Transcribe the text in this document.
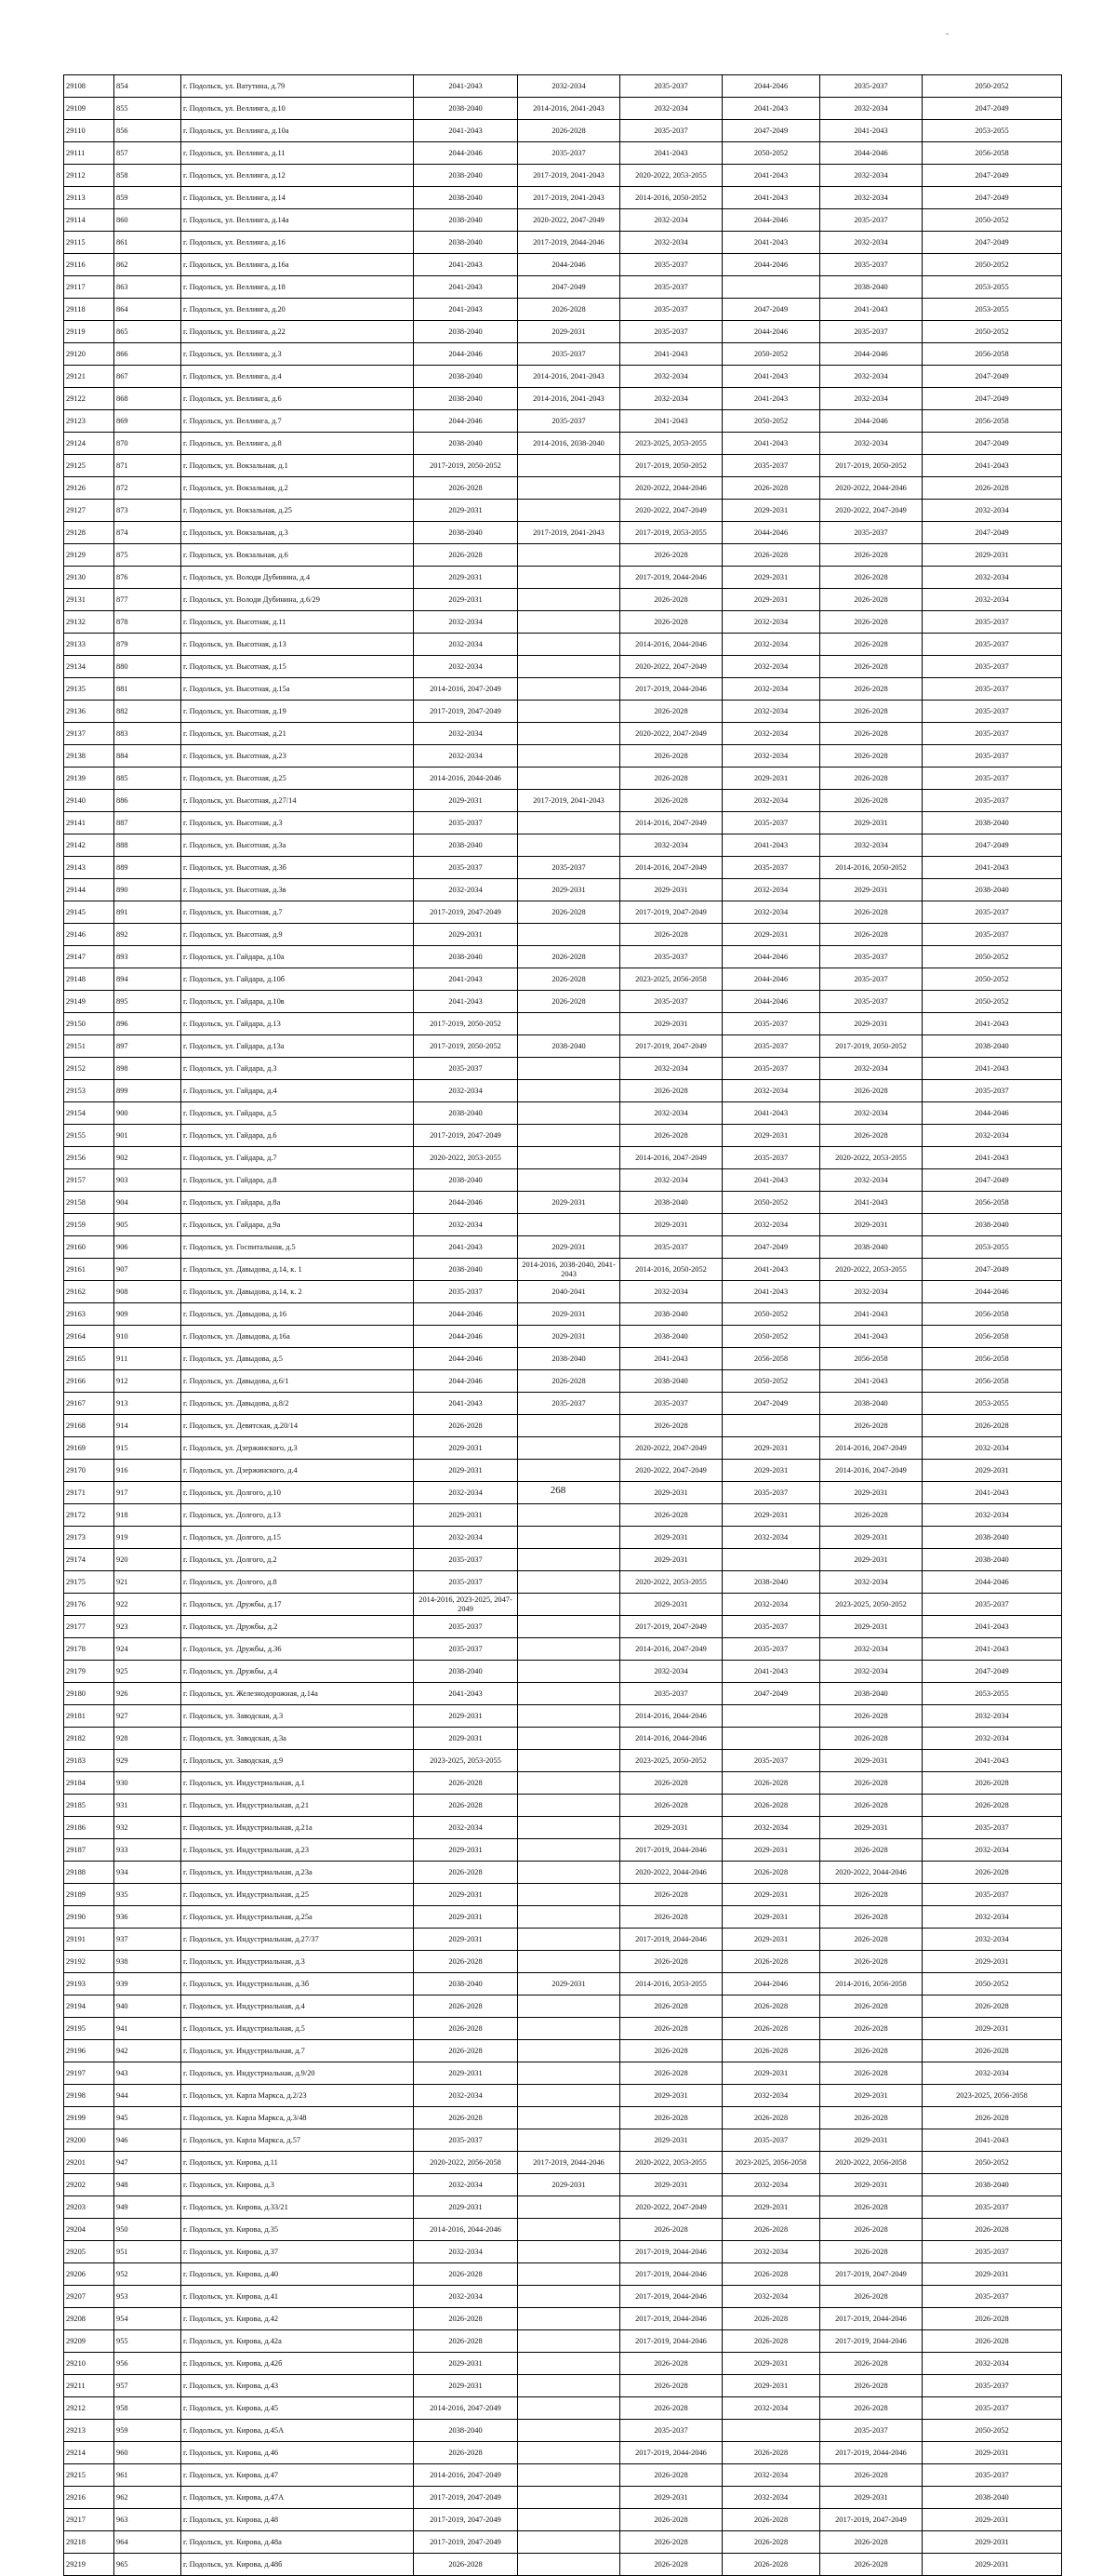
29108	854	г. Подольск, ул. Ватутина, д.79	2041-2043	2032-2034	2035-2037	2044-2046	2035-2037	2050-2052
29109	855	г. Подольск, ул. Веллинга, д.10	2038-2040	2014-2016, 2041-2043	2032-2034	2041-2043	2032-2034	2047-2049
29110	856	г. Подольск, ул. Веллинга, д.10а	2041-2043	2026-2028	2035-2037	2047-2049	2041-2043	2053-2055
29111	857	г. Подольск, ул. Веллинга, д.11	2044-2046	2035-2037	2041-2043	2050-2052	2044-2046	2056-2058
29112	858	г. Подольск, ул. Веллинга, д.12	2038-2040	2017-2019, 2041-2043	2020-2022, 2053-2055	2041-2043	2032-2034	2047-2049
29113	859	г. Подольск, ул. Веллинга, д.14	2038-2040	2017-2019, 2041-2043	2014-2016, 2050-2052	2041-2043	2032-2034	2047-2049
29114	860	г. Подольск, ул. Веллинга, д.14а	2038-2040	2020-2022, 2047-2049	2032-2034	2044-2046	2035-2037	2050-2052
29115	861	г. Подольск, ул. Веллинга, д.16	2038-2040	2017-2019, 2044-2046	2032-2034	2041-2043	2032-2034	2047-2049
29116	862	г. Подольск, ул. Веллинга, д.16а	2041-2043	2044-2046	2035-2037	2044-2046	2035-2037	2050-2052
29117	863	г. Подольск, ул. Веллинга, д.18	2041-2043	2047-2049	2035-2037		2038-2040	2053-2055
29118	864	г. Подольск, ул. Веллинга, д.20	2041-2043	2026-2028	2035-2037	2047-2049	2041-2043	2053-2055
29119	865	г. Подольск, ул. Веллинга, д.22	2038-2040	2029-2031	2035-2037	2044-2046	2035-2037	2050-2052
29120	866	г. Подольск, ул. Веллинга, д.3	2044-2046	2035-2037	2041-2043	2050-2052	2044-2046	2056-2058
29121	867	г. Подольск, ул. Веллинга, д.4	2038-2040	2014-2016, 2041-2043	2032-2034	2041-2043	2032-2034	2047-2049
29122	868	г. Подольск, ул. Веллинга, д.6	2038-2040	2014-2016, 2041-2043	2032-2034	2041-2043	2032-2034	2047-2049
29123	869	г. Подольск, ул. Веллинга, д.7	2044-2046	2035-2037	2041-2043	2050-2052	2044-2046	2056-2058
29124	870	г. Подольск, ул. Веллинга, д.8	2038-2040	2014-2016, 2038-2040	2023-2025, 2053-2055	2041-2043	2032-2034	2047-2049
29125	871	г. Подольск, ул. Вокзальная, д.1	2017-2019, 2050-2052		2017-2019, 2050-2052	2035-2037	2017-2019, 2050-2052	2041-2043
29126	872	г. Подольск, ул. Вокзальная, д.2	2026-2028		2020-2022, 2044-2046	2026-2028	2020-2022, 2044-2046	2026-2028
29127	873	г. Подольск, ул. Вокзальная, д.25	2029-2031		2020-2022, 2047-2049	2029-2031	2020-2022, 2047-2049	2032-2034
29128	874	г. Подольск, ул. Вокзальная, д.3	2038-2040	2017-2019, 2041-2043	2017-2019, 2053-2055	2044-2046	2035-2037	2047-2049
29129	875	г. Подольск, ул. Вокзальная, д.6	2026-2028		2026-2028	2026-2028	2026-2028	2029-2031
29130	876	г. Подольск, ул. Володи Дубинина, д.4	2029-2031		2017-2019, 2044-2046	2029-2031	2026-2028	2032-2034
29131	877	г. Подольск, ул. Володи Дубинина, д.6/29	2029-2031		2026-2028	2029-2031	2026-2028	2032-2034
29132	878	г. Подольск, ул. Высотная, д.11	2032-2034		2026-2028	2032-2034	2026-2028	2035-2037
29133	879	г. Подольск, ул. Высотная, д.13	2032-2034		2014-2016, 2044-2046	2032-2034	2026-2028	2035-2037
29134	880	г. Подольск, ул. Высотная, д.15	2032-2034		2020-2022, 2047-2049	2032-2034	2026-2028	2035-2037
29135	881	г. Подольск, ул. Высотная, д.15а	2014-2016, 2047-2049		2017-2019, 2044-2046	2032-2034	2026-2028	2035-2037
29136	882	г. Подольск, ул. Высотная, д.19	2017-2019, 2047-2049		2026-2028	2032-2034	2026-2028	2035-2037
29137	883	г. Подольск, ул. Высотная, д.21	2032-2034		2020-2022, 2047-2049	2032-2034	2026-2028	2035-2037
29138	884	г. Подольск, ул. Высотная, д.23	2032-2034		2026-2028	2032-2034	2026-2028	2035-2037
29139	885	г. Подольск, ул. Высотная, д.25	2014-2016, 2044-2046		2026-2028	2029-2031	2026-2028	2035-2037
29140	886	г. Подольск, ул. Высотная, д.27/14	2029-2031	2017-2019, 2041-2043	2026-2028	2032-2034	2026-2028	2035-2037
29141	887	г. Подольск, ул. Высотная, д.3	2035-2037		2014-2016, 2047-2049	2035-2037	2029-2031	2038-2040
29142	888	г. Подольск, ул. Высотная, д.3а	2038-2040		2032-2034	2041-2043	2032-2034	2047-2049
29143	889	г. Подольск, ул. Высотная, д.3б	2035-2037	2035-2037	2014-2016, 2047-2049	2035-2037	2014-2016, 2050-2052	2041-2043
29144	890	г. Подольск, ул. Высотная, д.3в	2032-2034	2029-2031	2029-2031	2032-2034	2029-2031	2038-2040
29145	891	г. Подольск, ул. Высотная, д.7	2017-2019, 2047-2049	2026-2028	2017-2019, 2047-2049	2032-2034	2026-2028	2035-2037
29146	892	г. Подольск, ул. Высотная, д.9	2029-2031		2026-2028	2029-2031	2026-2028	2035-2037
29147	893	г. Подольск, ул. Гайдара, д.10а	2038-2040	2026-2028	2035-2037	2044-2046	2035-2037	2050-2052
29148	894	г. Подольск, ул. Гайдара, д.10б	2041-2043	2026-2028	2023-2025, 2056-2058	2044-2046	2035-2037	2050-2052
29149	895	г. Подольск, ул. Гайдара, д.10в	2041-2043	2026-2028	2035-2037	2044-2046	2035-2037	2050-2052
29150	896	г. Подольск, ул. Гайдара, д.13	2017-2019, 2050-2052		2029-2031	2035-2037	2029-2031	2041-2043
29151	897	г. Подольск, ул. Гайдара, д.13а	2017-2019, 2050-2052	2038-2040	2017-2019, 2047-2049	2035-2037	2017-2019, 2050-2052	2038-2040
29152	898	г. Подольск, ул. Гайдара, д.3	2035-2037		2032-2034	2035-2037	2032-2034	2041-2043
29153	899	г. Подольск, ул. Гайдара, д.4	2032-2034		2026-2028	2032-2034	2026-2028	2035-2037
29154	900	г. Подольск, ул. Гайдара, д.5	2038-2040		2032-2034	2041-2043	2032-2034	2044-2046
29155	901	г. Подольск, ул. Гайдара, д.6	2017-2019, 2047-2049		2026-2028	2029-2031	2026-2028	2032-2034
29156	902	г. Подольск, ул. Гайдара, д.7	2020-2022, 2053-2055		2014-2016, 2047-2049	2035-2037	2020-2022, 2053-2055	2041-2043
29157	903	г. Подольск, ул. Гайдара, д.8	2038-2040		2032-2034	2041-2043	2032-2034	2047-2049
29158	904	г. Подольск, ул. Гайдара, д.8а	2044-2046	2029-2031	2038-2040	2050-2052	2041-2043	2056-2058
29159	905	г. Подольск, ул. Гайдара, д.9а	2032-2034		2029-2031	2032-2034	2029-2031	2038-2040
29160	906	г. Подольск, ул. Госпитальная, д.5	2041-2043	2029-2031	2035-2037	2047-2049	2038-2040	2053-2055
29161	907	г. Подольск, ул. Давыдова, д.14, к. 1	2038-2040	2014-2016, 2038-2040, 2041-2043	2014-2016, 2050-2052	2041-2043	2020-2022, 2053-2055	2047-2049
29162	908	г. Подольск, ул. Давыдова, д.14, к. 2	2035-2037	2040-2041	2032-2034	2041-2043	2032-2034	2044-2046
29163	909	г. Подольск, ул. Давыдова, д.16	2044-2046	2029-2031	2038-2040	2050-2052	2041-2043	2056-2058
29164	910	г. Подольск, ул. Давыдова, д.16а	2044-2046	2029-2031	2038-2040	2050-2052	2041-2043	2056-2058
29165	911	г. Подольск, ул. Давыдова, д.5	2044-2046	2038-2040	2041-2043	2056-2058	2056-2058	2056-2058
29166	912	г. Подольск, ул. Давыдова, д.6/1	2044-2046	2026-2028	2038-2040	2050-2052	2041-2043	2056-2058
29167	913	г. Подольск, ул. Давыдова, д.8/2	2041-2043	2035-2037	2035-2037	2047-2049	2038-2040	2053-2055
29168	914	г. Подольск, ул. Девятская, д.20/14	2026-2028		2026-2028		2026-2028	2026-2028
29169	915	г. Подольск, ул. Дзержинского, д.3	2029-2031		2020-2022, 2047-2049	2029-2031	2014-2016, 2047-2049	2032-2034
29170	916	г. Подольск, ул. Дзержинского, д.4	2029-2031		2020-2022, 2047-2049	2029-2031	2014-2016, 2047-2049	2029-2031
29171	917	г. Подольск, ул. Долгого, д.10	2032-2034		2029-2031	2035-2037	2029-2031	2041-2043
29172	918	г. Подольск, ул. Долгого, д.13	2029-2031		2026-2028	2029-2031	2026-2028	2032-2034
29173	919	г. Подольск, ул. Долгого, д.15	2032-2034		2029-2031	2032-2034	2029-2031	2038-2040
29174	920	г. Подольск, ул. Долгого, д.2	2035-2037		2029-2031		2029-2031	2038-2040
29175	921	г. Подольск, ул. Долгого, д.8	2035-2037		2020-2022, 2053-2055	2038-2040	2032-2034	2044-2046
29176	922	г. Подольск, ул. Дружбы, д.17	2014-2016, 2023-2025, 2047-2049		2029-2031	2032-2034	2023-2025, 2050-2052	2035-2037
29177	923	г. Подольск, ул. Дружбы, д.2	2035-2037		2017-2019, 2047-2049	2035-2037	2029-2031	2041-2043
29178	924	г. Подольск, ул. Дружбы, д.36	2035-2037		2014-2016, 2047-2049	2035-2037	2032-2034	2041-2043
29179	925	г. Подольск, ул. Дружбы, д.4	2038-2040		2032-2034	2041-2043	2032-2034	2047-2049
29180	926	г. Подольск, ул. Железнодорожная, д.14а	2041-2043		2035-2037	2047-2049	2038-2040	2053-2055
29181	927	г. Подольск, ул. Заводская, д.3	2029-2031		2014-2016, 2044-2046		2026-2028	2032-2034
29182	928	г. Подольск, ул. Заводская, д.3а	2029-2031		2014-2016, 2044-2046		2026-2028	2032-2034
29183	929	г. Подольск, ул. Заводская, д.9	2023-2025, 2053-2055		2023-2025, 2050-2052	2035-2037	2029-2031	2041-2043
29184	930	г. Подольск, ул. Индустриальная, д.1	2026-2028		2026-2028	2026-2028	2026-2028	2026-2028
29185	931	г. Подольск, ул. Индустриальная, д.21	2026-2028		2026-2028	2026-2028	2026-2028	2026-2028
29186	932	г. Подольск, ул. Индустриальная, д.21а	2032-2034		2029-2031	2032-2034	2029-2031	2035-2037
29187	933	г. Подольск, ул. Индустриальная, д.23	2029-2031		2017-2019, 2044-2046	2029-2031	2026-2028	2032-2034
29188	934	г. Подольск, ул. Индустриальная, д.23а	2026-2028		2020-2022, 2044-2046	2026-2028	2020-2022, 2044-2046	2026-2028
29189	935	г. Подольск, ул. Индустриальная, д.25	2029-2031		2026-2028	2029-2031	2026-2028	2035-2037
29190	936	г. Подольск, ул. Индустриальная, д.25а	2029-2031		2026-2028	2029-2031	2026-2028	2032-2034
29191	937	г. Подольск, ул. Индустриальная, д.27/37	2029-2031		2017-2019, 2044-2046	2029-2031	2026-2028	2032-2034
29192	938	г. Подольск, ул. Индустриальная, д.3	2026-2028		2026-2028	2026-2028	2026-2028	2029-2031
29193	939	г. Подольск, ул. Индустриальная, д.3б	2038-2040	2029-2031	2014-2016, 2053-2055	2044-2046	2014-2016, 2056-2058	2050-2052
29194	940	г. Подольск, ул. Индустриальная, д.4	2026-2028		2026-2028	2026-2028	2026-2028	2026-2028
29195	941	г. Подольск, ул. Индустриальная, д.5	2026-2028		2026-2028	2026-2028	2026-2028	2029-2031
29196	942	г. Подольск, ул. Индустриальная, д.7	2026-2028		2026-2028	2026-2028	2026-2028	2026-2028
29197	943	г. Подольск, ул. Индустриальная, д.9/20	2029-2031		2026-2028	2029-2031	2026-2028	2032-2034
29198	944	г. Подольск, ул. Карла Маркса, д.2/23	2032-2034		2029-2031	2032-2034	2029-2031	2023-2025, 2056-2058
29199	945	г. Подольск, ул. Карла Маркса, д.3/48	2026-2028		2026-2028	2026-2028	2026-2028	2026-2028
29200	946	г. Подольск, ул. Карла Маркса, д.57	2035-2037		2029-2031	2035-2037	2029-2031	2041-2043
29201	947	г. Подольск, ул. Кирова, д.11	2020-2022, 2056-2058	2017-2019, 2044-2046	2020-2022, 2053-2055	2023-2025, 2056-2058	2020-2022, 2056-2058	2050-2052
29202	948	г. Подольск, ул. Кирова, д.3	2032-2034	2029-2031	2029-2031	2032-2034	2029-2031	2038-2040
29203	949	г. Подольск, ул. Кирова, д.33/21	2029-2031		2020-2022, 2047-2049	2029-2031	2026-2028	2035-2037
29204	950	г. Подольск, ул. Кирова, д.35	2014-2016, 2044-2046		2026-2028	2026-2028	2026-2028	2026-2028
29205	951	г. Подольск, ул. Кирова, д.37	2032-2034		2017-2019, 2044-2046	2032-2034	2026-2028	2035-2037
29206	952	г. Подольск, ул. Кирова, д.40	2026-2028		2017-2019, 2044-2046	2026-2028	2017-2019, 2047-2049	2029-2031
29207	953	г. Подольск, ул. Кирова, д.41	2032-2034		2017-2019, 2044-2046	2032-2034	2026-2028	2035-2037
29208	954	г. Подольск, ул. Кирова, д.42	2026-2028		2017-2019, 2044-2046	2026-2028	2017-2019, 2044-2046	2026-2028
29209	955	г. Подольск, ул. Кирова, д.42а	2026-2028		2017-2019, 2044-2046	2026-2028	2017-2019, 2044-2046	2026-2028
29210	956	г. Подольск, ул. Кирова, д.42б	2029-2031		2026-2028	2029-2031	2026-2028	2032-2034
29211	957	г. Подольск, ул. Кирова, д.43	2029-2031		2026-2028	2029-2031	2026-2028	2035-2037
29212	958	г. Подольск, ул. Кирова, д.45	2014-2016, 2047-2049		2026-2028	2032-2034	2026-2028	2035-2037
29213	959	г. Подольск, ул. Кирова, д.45А	2038-2040		2035-2037		2035-2037	2050-2052
29214	960	г. Подольск, ул. Кирова, д.46	2026-2028		2017-2019, 2044-2046	2026-2028	2017-2019, 2044-2046	2029-2031
29215	961	г. Подольск, ул. Кирова, д.47	2014-2016, 2047-2049		2026-2028	2032-2034	2026-2028	2035-2037
29216	962	г. Подольск, ул. Кирова, д.47А	2017-2019, 2047-2049		2029-2031	2032-2034	2029-2031	2038-2040
29217	963	г. Подольск, ул. Кирова, д.48	2017-2019, 2047-2049		2026-2028	2026-2028	2017-2019, 2047-2049	2029-2031
29218	964	г. Подольск, ул. Кирова, д.48а	2017-2019, 2047-2049		2026-2028	2026-2028	2026-2028	2029-2031
29219	965	г. Подольск, ул. Кирова, д.48б	2026-2028		2026-2028	2026-2028	2026-2028	2029-2031
268
